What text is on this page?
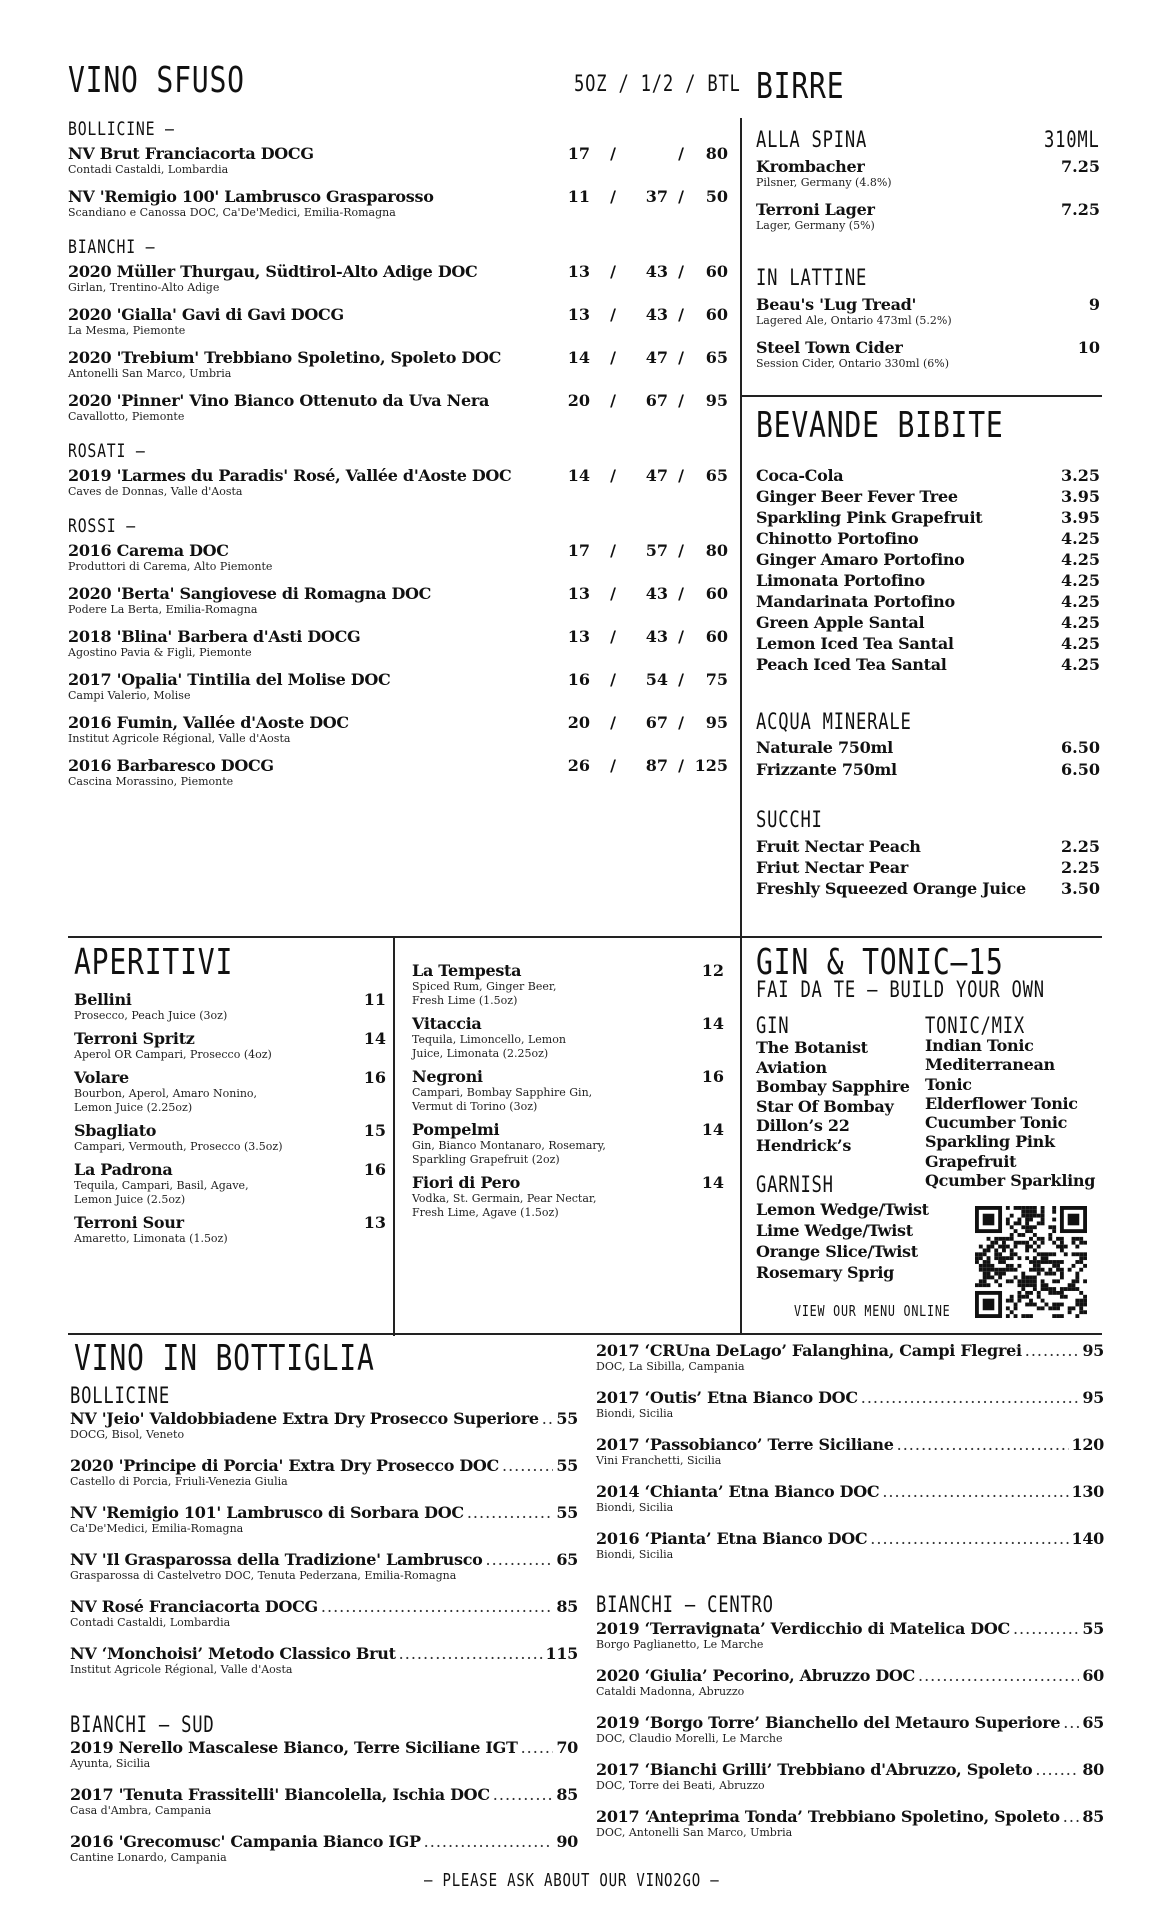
VINO SFUSO	5OZ / 1/2 / BTL
BOLLICINE –
NV Brut Franciacorta DOCG
Contadi Castaldi, Lombardia
17 /	/	80
NV 'Remigio 100' Lambrusco Grasparosso
Scandiano e Canossa DOC, Ca'De'Medici, Emilia-Romagna
11 /	37 /	50
BIANCHI –
2020 Müller Thurgau, Südtirol-Alto Adige DOC
Girlan, Trentino-Alto Adige
13 /	43 /	60
2020 'Gialla' Gavi di Gavi DOCG
La Mesma, Piemonte
13 /	43 /	60
2020 'Trebium' Trebbiano Spoletino, Spoleto DOC
Antonelli San Marco, Umbria
14 /	47 /	65
2020 'Pinner' Vino Bianco Ottenuto da Uva Nera
Cavallotto, Piemonte
20 /	67 /	95
ROSATI –
2019 'Larmes du Paradis' Rosé, Vallée d'Aoste DOC
Caves de Donnas, Valle d'Aosta
14 /	47 /	65
ROSSI –
2016 Carema DOC
Produttori di Carema, Alto Piemonte
17 /	57 /	80
2020 'Berta' Sangiovese di Romagna DOC
Podere La Berta, Emilia-Romagna
13 /	43 /	60
2018 'Blina' Barbera d'Asti DOCG
Agostino Pavia & Figli, Piemonte
13 /	43 /	60
2017 'Opalia' Tintilia del Molise DOC
Campi Valerio, Molise
16 /	54 /	75
2016 Fumin, Vallée d'Aoste DOC
Institut Agricole Régional, Valle d'Aosta
20 /	67 /	95
2016 Barbaresco DOCG
Cascina Morassino, Piemonte
26 /	87 / 125
BIRRE
ALLA SPINA	310ML
Krombacher
Pilsner, Germany (4.8%)
7.25
Terroni Lager
Lager, Germany (5%)
7.25
IN LATTINE
Beau's 'Lug Tread'
Lagered Ale, Ontario 473ml (5.2%)
9
Steel Town Cider
Session Cider, Ontario 330ml (6%)
10
BEVANDE BIBITE
Coca-Cola	3.25
Ginger Beer Fever Tree	3.95
Sparkling Pink Grapefruit	3.95
Chinotto Portofino	4.25
Ginger Amaro Portofino	4.25
Limonata Portofino	4.25
Mandarinata Portofino	4.25
Green Apple Santal	4.25
Lemon Iced Tea Santal	4.25
Peach Iced Tea Santal	4.25
ACQUA MINERALE
Naturale 750ml	6.50
Frizzante 750ml	6.50
SUCCHI
Fruit Nectar Peach	2.25
Friut Nectar Pear	2.25
Freshly Squeezed Orange Juice 3.50
APERITIVI
Bellini
Prosecco, Peach Juice (3oz)
11
Terroni Spritz
Aperol OR Campari, Prosecco (4oz)
14
Volare
Bourbon, Aperol, Amaro Nonino,
Lemon Juice (2.25oz)
16
Sbagliato
Campari, Vermouth, Prosecco (3.5oz)
15
La Padrona
Tequila, Campari, Basil, Agave,
Lemon Juice (2.5oz)
16
Terroni Sour
Amaretto, Limonata (1.5oz)
13
La Tempesta
Spiced Rum, Ginger Beer,
Fresh Lime (1.5oz)
12
Vitaccia
Tequila, Limoncello, Lemon
Juice, Limonata (2.25oz)
14
Negroni
Campari, Bombay Sapphire Gin,
Vermut di Torino (3oz)
16
Pompelmi
Gin, Bianco Montanaro, Rosemary,
Sparkling Grapefruit (2oz)
14
Fiori di Pero
Vodka, St. Germain, Pear Nectar,
Fresh Lime, Agave (1.5oz)
14
GIN & TONIC–15
FAI DA TE – BUILD YOUR OWN
GIN	TONIC/MIX
The Botanist
Aviation
Bombay Sapphire
Star Of Bombay
Dillon’s 22
Hendrick’s
Indian Tonic
Mediterranean
Tonic
Elderflower Tonic
Cucumber Tonic
Sparkling Pink
Grapefruit
Qcumber Sparkling
GARNISH
Lemon Wedge/Twist
Lime Wedge/Twist
Orange Slice/Twist
Rosemary Sprig
VIEW OUR MENU ONLINE
VINO IN BOTTIGLIA
BOLLICINE
NV 'Jeio' Valdobbiadene Extra Dry Prosecco Superiore ..... 55
DOCG, Bisol, Veneto
2020 'Principe di Porcia' Extra Dry Prosecco DOC .....	55
Castello di Porcia, Friuli-Venezia Giulia
NV 'Remigio 101' Lambrusco di Sorbara DOC .....	55
Ca'De'Medici, Emilia-Romagna
NV 'Il Grasparossa della Tradizione' Lambrusco .....	65
Grasparossa di Castelvetro DOC, Tenuta Pederzana, Emilia-Romagna
NV Rosé Franciacorta DOCG .....	85
Contadi Castaldi, Lombardia
NV ‘Monchoisi’ Metodo Classico Brut .....	115
Institut Agricole Régional, Valle d'Aosta
BIANCHI – SUD
2019 Nerello Mascalese Bianco, Terre Siciliane IGT ..... 70
Ayunta, Sicilia
2017 'Tenuta Frassitelli' Biancolella, Ischia DOC .....	85
Casa d'Ambra, Campania
2016 'Grecomusc' Campania Bianco IGP .....	90
Cantine Lonardo, Campania
2017 ‘CRUna DeLago’ Falanghina, Campi Flegrei .....	95
DOC, La Sibilla, Campania
2017 ‘Outis’ Etna Bianco DOC .....	95
Biondi, Sicilia
2017 ‘Passobianco’ Terre Siciliane .....	120
Vini Franchetti, Sicilia
2014 ‘Chianta’ Etna Bianco DOC .....	130
Biondi, Sicilia
2016 ‘Pianta’ Etna Bianco DOC .....	140
Biondi, Sicilia
BIANCHI – CENTRO
2019 ‘Terravignata’ Verdicchio di Matelica DOC .....	55
Borgo Paglianetto, Le Marche
2020 ‘Giulia’ Pecorino, Abruzzo DOC .....	60
Cataldi Madonna, Abruzzo
2019 ‘Borgo Torre’ Bianchello del Metauro Superiore ..... 65
DOC, Claudio Morelli, Le Marche
2017 ‘Bianchi Grilli’ Trebbiano d'Abruzzo, Spoleto .....	80
DOC, Torre dei Beati, Abruzzo
2017 ‘Anteprima Tonda’ Trebbiano Spoletino, Spoleto ..... 85
DOC, Antonelli San Marco, Umbria
– PLEASE ASK ABOUT OUR VINO2GO –
